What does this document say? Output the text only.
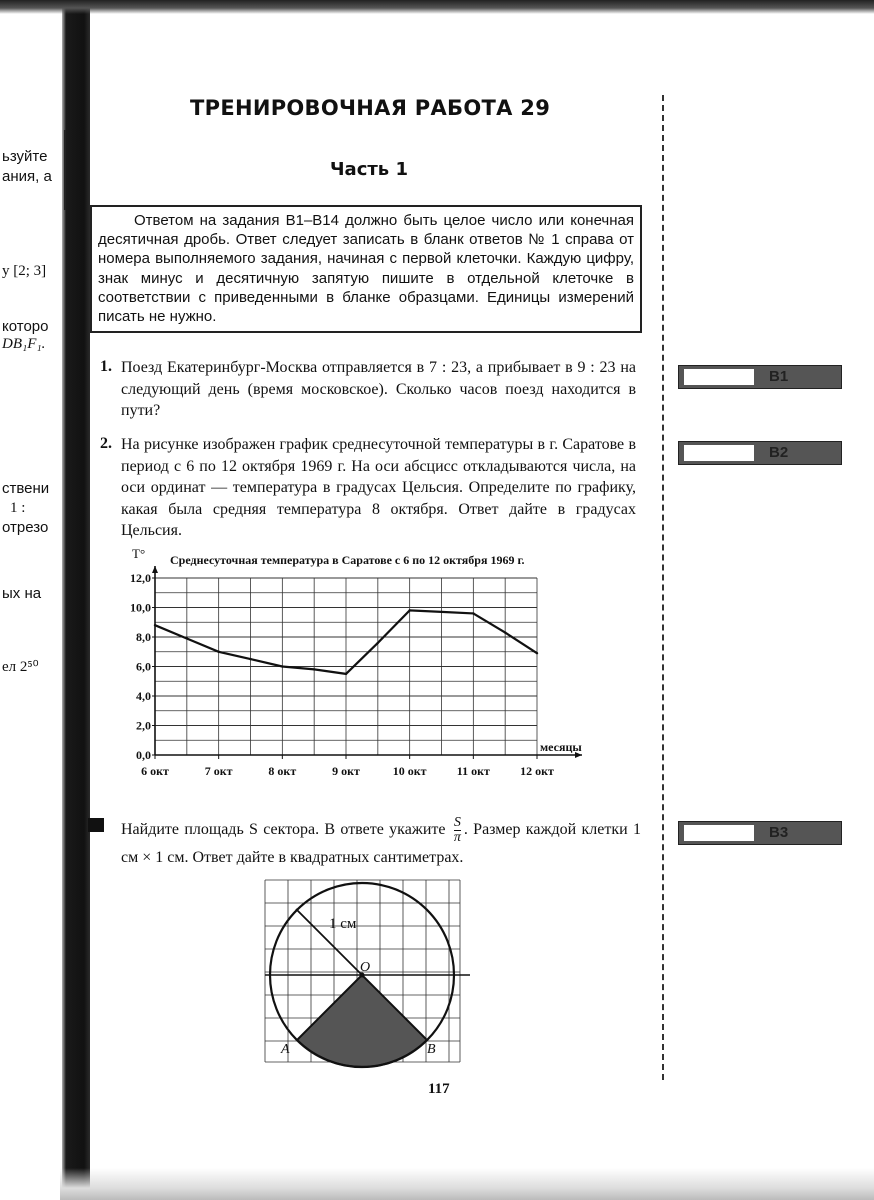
ьзуйте
ания, а
у [2; 3]
которо
DB₁F₁.
ствени
1 :
отрезо
ых на
ел 2⁵⁰
ТРЕНИРОВОЧНАЯ РАБОТА 29
Часть 1
Ответом на задания B1–B14 должно быть целое число или конечная десятичная дробь. Ответ следует записать в бланк ответов № 1 справа от номера выполняемого задания, начиная с первой клеточки. Каждую цифру, знак минус и десятичную запятую пишите в отдельной клеточке в соответствии с приведенными в бланке образцами. Единицы измерений писать не нужно.
1. Поезд Екатеринбург-Москва отправляется в 7 : 23, а прибывает в 9 : 23 на следующий день (время московское). Сколько часов поезд находится в пути?
B1
2. На рисунке изображен график среднесуточной температуры в г. Саратове в период с 6 по 12 октября 1969 г. На оси абсцисс откладываются числа, на оси ординат — температура в градусах Цельсия. Определите по графику, какая была средняя температура 8 октября. Ответ дайте в градусах Цельсия.
B2
T° Среднесуточная температура в Саратове с 6 по 12 октября 1969 г.
месяцы
0,0
2,0
4,0
6,0
8,0
10,0
12,0
6 окт	7 окт	8 окт	9 окт	10 окт	11 окт	12 окт
Найдите площадь S сектора. В ответе укажите $\frac{S}{\pi}$ . Размер каждой клетки 1 см × 1 см. Ответ дайте в квадратных сантиметрах.
B3
1 см
O
A	B
117
